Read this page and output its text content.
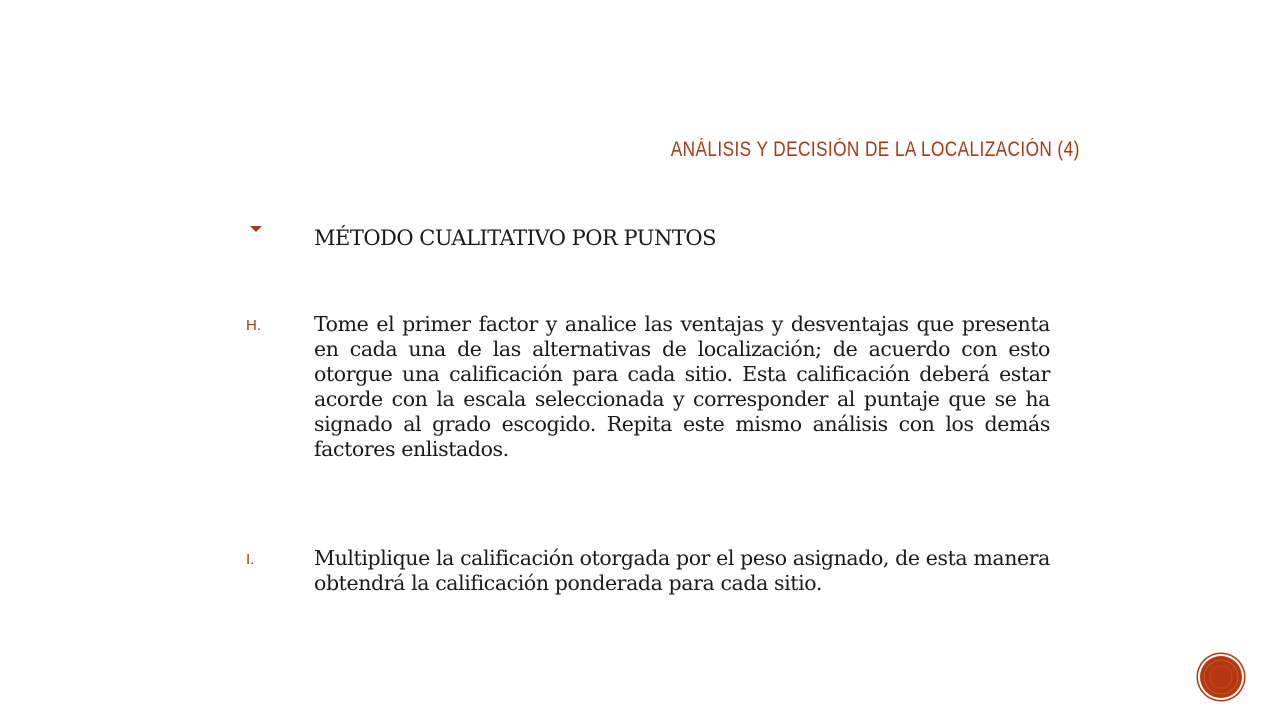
ANÁLISIS Y DECISIÓN DE LA LOCALIZACIÓN (4)
MÉTODO CUALITATIVO POR PUNTOS
H.	Tome el primer factor y analice las ventajas y desventajas que presenta en cada una de las alternativas de localización; de acuerdo con esto otorgue una calificación para cada sitio. Esta calificación deberá estar acorde con la escala seleccionada y corresponder al puntaje que se ha signado al grado escogido. Repita este mismo análisis con los demás factores enlistados.
I.	Multiplique la calificación otorgada por el peso asignado, de esta manera obtendrá la calificación ponderada para cada sitio.
